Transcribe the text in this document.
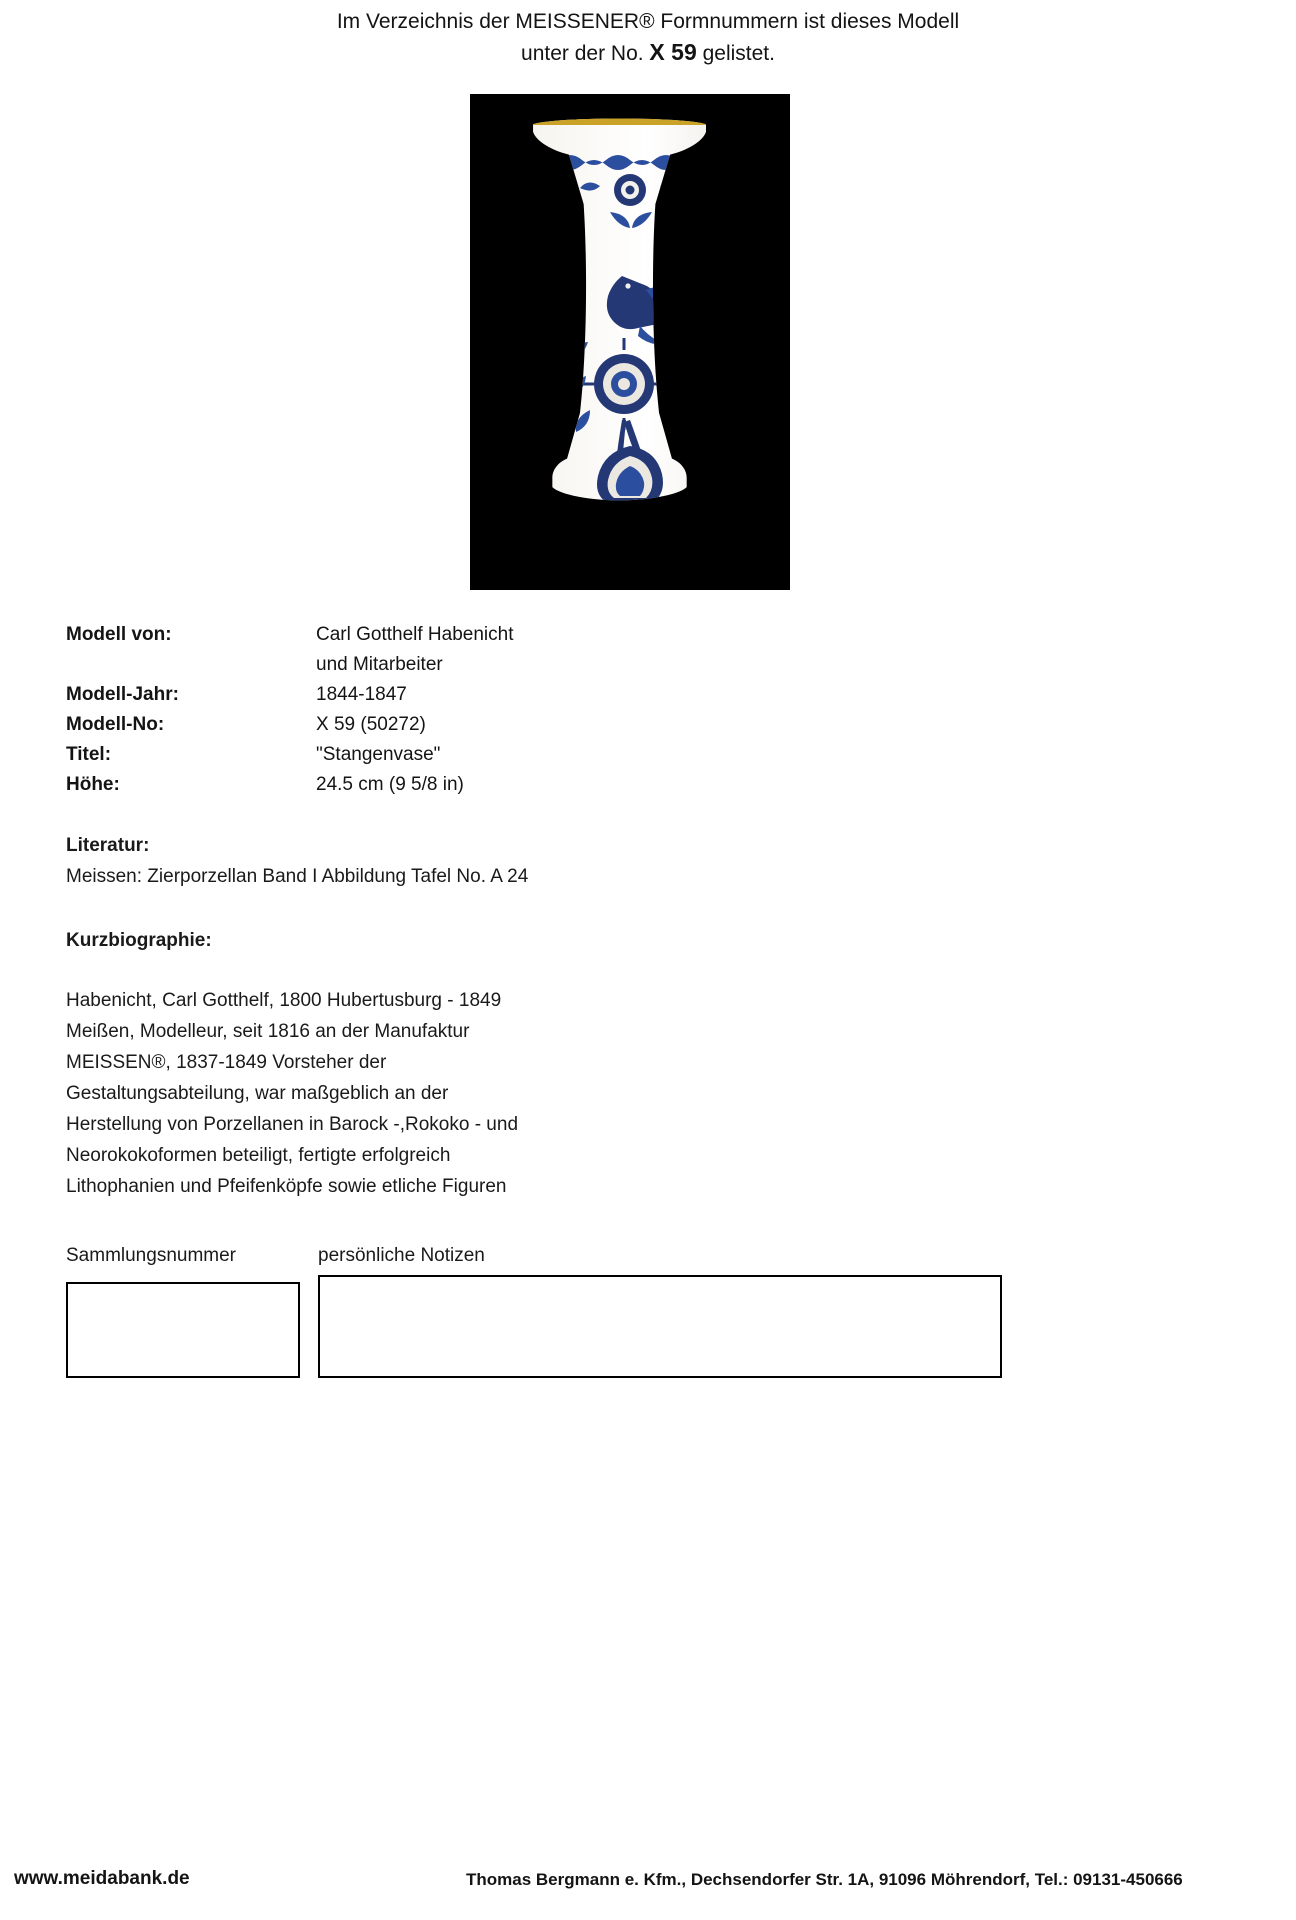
Im Verzeichnis der MEISSENER® Formnummern ist dieses Modell
unter der No. X 59 gelistet.
Modell von:	Carl Gotthelf Habenicht
und Mitarbeiter
Modell-Jahr:	1844-1847
Modell-No:	X 59 (50272)
Titel:	"Stangenvase"
Höhe:	24.5 cm (9 5/8 in)
Literatur:
Meissen: Zierporzellan Band I Abbildung Tafel No. A 24
Kurzbiographie:
Habenicht, Carl Gotthelf, 1800 Hubertusburg - 1849
Meißen, Modelleur, seit 1816 an der Manufaktur
MEISSEN®, 1837-1849 Vorsteher der
Gestaltungsabteilung, war maßgeblich an der
Herstellung von Porzellanen in Barock -,Rokoko - und
Neorokokoformen beteiligt, fertigte erfolgreich
Lithophanien und Pfeifenköpfe sowie etliche Figuren
Sammlungsnummer	persönliche Notizen
www.meidabank.de	Thomas Bergmann e. Kfm., Dechsendorfer Str. 1A, 91096 Möhrendorf, Tel.: 09131-450666
